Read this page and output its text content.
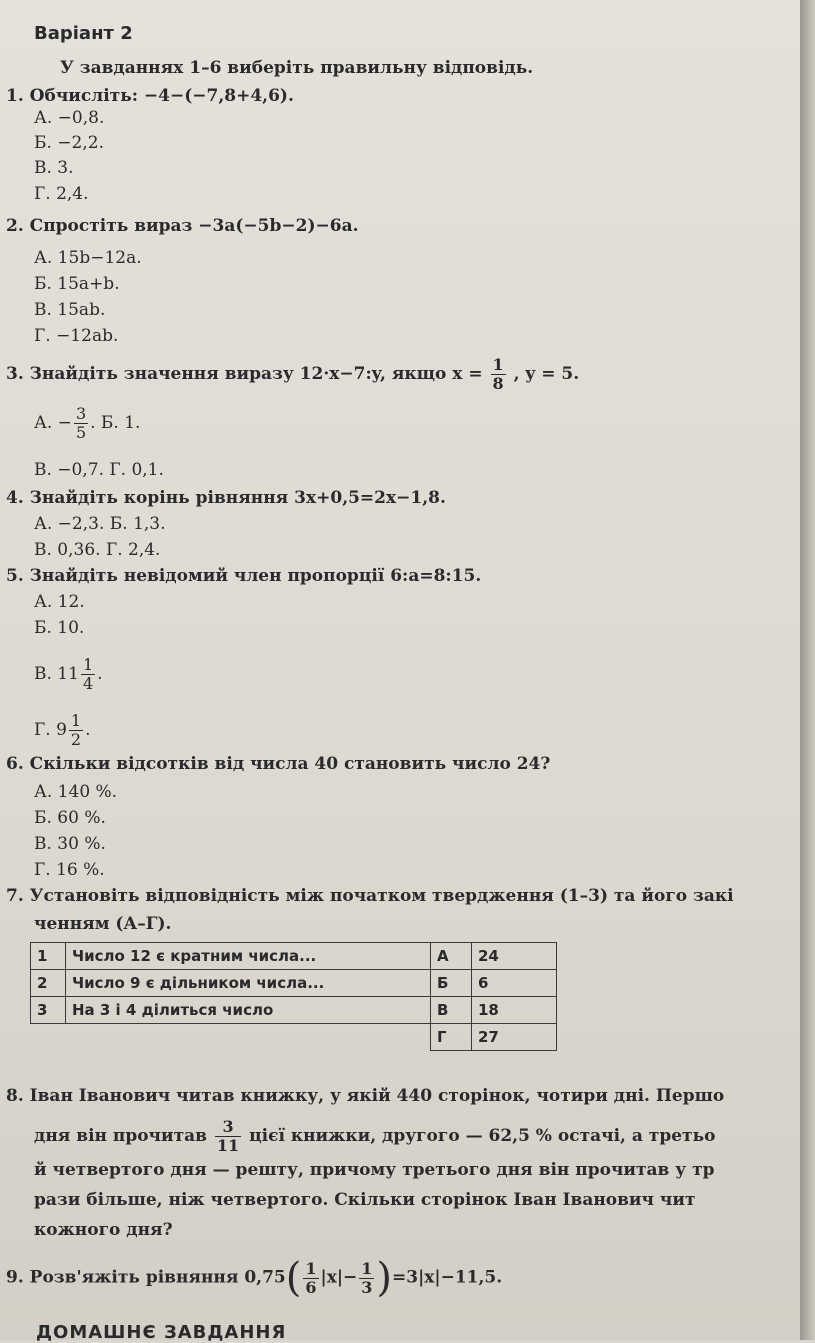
Варіант 2
У завданнях 1–6 виберіть правильну відповідь.
1. Обчисліть: −4−(−7,8+4,6).
А. −0,8.
Б. −2,2.
В. 3.
Г. 2,4.
2. Спростіть вираз −3a(−5b−2)−6a.
А. 15b−12a.
Б. 15a+b.
В. 15ab.
Г. −12ab.
3. Знайдіть значення виразу 12·x−7:y, якщо $x = \frac{1}{8}$ , y = 5.
А. − $\frac{3}{5}$ . Б. 1.
В. −0,7. Г. 0,1.
4. Знайдіть корінь рівняння 3x+0,5=2x−1,8.
А. −2,3. Б. 1,3.
В. 0,36. Г. 2,4.
5. Знайдіть невідомий член пропорції 6:a=8:15.
А. 12.
Б. 10.
В. $11 \frac{1}{4}$ .
Г. $9 \frac{1}{2}$ .
6. Скільки відсотків від числа 40 становить число 24?
А. 140 %.
Б. 60 %.
В. 30 %.
Г. 16 %.
7. Установіть відповідність між початком твердження (1–3) та його закі
ченням (А–Г).
1	Число 12 є кратним числа...	А	24
2	Число 9 є дільником числа...	Б	6
3	На 3 і 4 ділиться число	В	18
		Г	27
8. Іван Іванович читав книжку, у якій 440 сторінок, чотири дні. Першо
дня він прочитав $\frac{3}{11}$ цієї книжки, другого — 62,5 % остачі, а третьо
й четвертого дня — решту, причому третього дня він прочитав у тр
рази більше, ніж четвертого. Скільки сторінок Іван Іванович чит
кожного дня?
9. Розв'яжіть рівняння $0,75( \frac{1}{6} |x|- \frac{1}{3} )=3|x|-11,5$.
ДОМАШНЄ ЗАВДАННЯ
